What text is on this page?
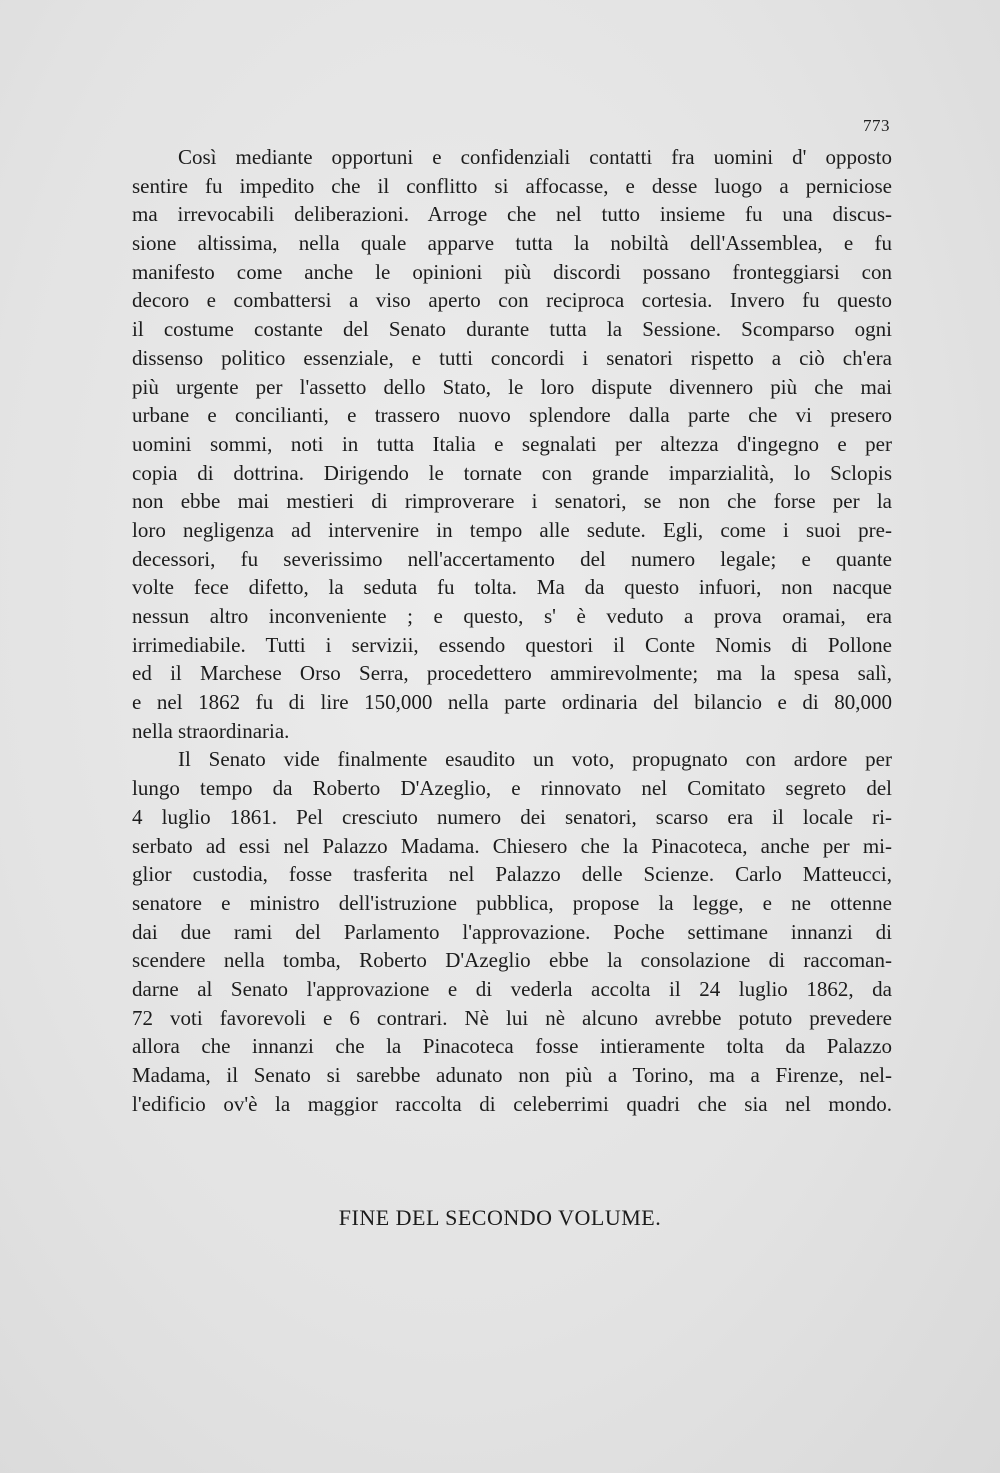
773
Così mediante opportuni e confidenziali contatti fra uomini d' opposto
sentire fu impedito che il conflitto si affocasse, e desse luogo a perniciose
ma irrevocabili deliberazioni. Arroge che nel tutto insieme fu una discus-
sione altissima, nella quale apparve tutta la nobiltà dell'Assemblea, e fu
manifesto come anche le opinioni più discordi possano fronteggiarsi con
decoro e combattersi a viso aperto con reciproca cortesia. Invero fu questo
il costume costante del Senato durante tutta la Sessione. Scomparso ogni
dissenso politico essenziale, e tutti concordi i senatori rispetto a ciò ch'era
più urgente per l'assetto dello Stato, le loro dispute divennero più che mai
urbane e concilianti, e trassero nuovo splendore dalla parte che vi presero
uomini sommi, noti in tutta Italia e segnalati per altezza d'ingegno e per
copia di dottrina. Dirigendo le tornate con grande imparzialità, lo Sclopis
non ebbe mai mestieri di rimproverare i senatori, se non che forse per la
loro negligenza ad intervenire in tempo alle sedute. Egli, come i suoi pre-
decessori, fu severissimo nell'accertamento del numero legale; e quante
volte fece difetto, la seduta fu tolta. Ma da questo infuori, non nacque
nessun altro inconveniente ; e questo, s' è veduto a prova oramai, era
irrimediabile. Tutti i servizii, essendo questori il Conte Nomis di Pollone
ed il Marchese Orso Serra, procedettero ammirevolmente; ma la spesa salì,
e nel 1862 fu di lire 150,000 nella parte ordinaria del bilancio e di 80,000
nella straordinaria.
Il Senato vide finalmente esaudito un voto, propugnato con ardore per
lungo tempo da Roberto D'Azeglio, e rinnovato nel Comitato segreto del
4 luglio 1861. Pel cresciuto numero dei senatori, scarso era il locale ri-
serbato ad essi nel Palazzo Madama. Chiesero che la Pinacoteca, anche per mi-
glior custodia, fosse trasferita nel Palazzo delle Scienze. Carlo Matteucci,
senatore e ministro dell'istruzione pubblica, propose la legge, e ne ottenne
dai due rami del Parlamento l'approvazione. Poche settimane innanzi di
scendere nella tomba, Roberto D'Azeglio ebbe la consolazione di raccoman-
darne al Senato l'approvazione e di vederla accolta il 24 luglio 1862, da
72 voti favorevoli e 6 contrari. Nè lui nè alcuno avrebbe potuto prevedere
allora che innanzi che la Pinacoteca fosse intieramente tolta da Palazzo
Madama, il Senato si sarebbe adunato non più a Torino, ma a Firenze, nel-
l'edificio ov'è la maggior raccolta di celeberrimi quadri che sia nel mondo.
FINE DEL SECONDO VOLUME.
